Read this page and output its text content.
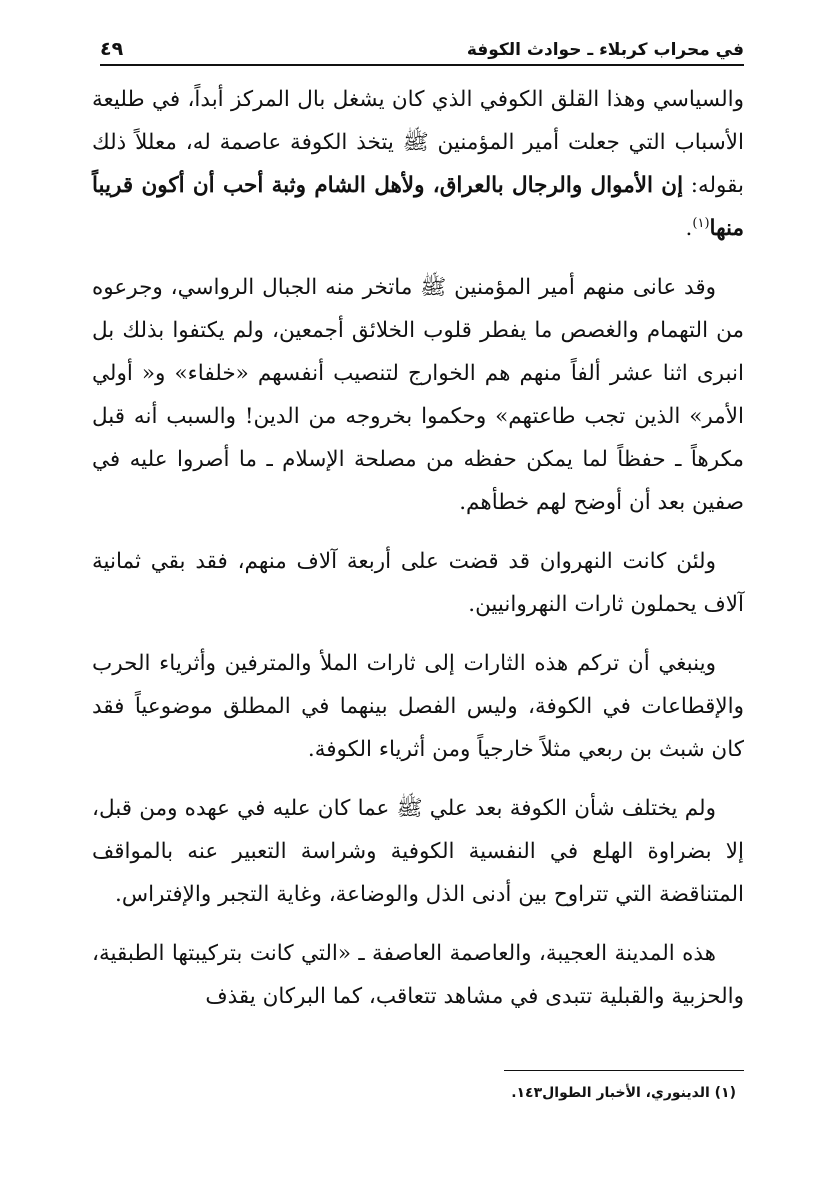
في محراب كربلاء ـ حوادث الكوفة
٤٩

والسياسي وهذا القلق الكوفي الذي كان يشغل بال المركز أبداً، في طليعة الأسباب التي جعلت أمير المؤمنين ﷺ يتخذ الكوفة عاصمة له، معللاً ذلك بقوله: إن الأموال والرجال بالعراق، ولأهل الشام وثبة أحب أن أكون قريباً منها$^{(١)}$.

وقد عانى منهم أمير المؤمنين ﷺ ماتخر منه الجبال الرواسي، وجرعوه من التهمام والغصص ما يفطر قلوب الخلائق أجمعين، ولم يكتفوا بذلك بل انبرى اثنا عشر ألفاً منهم هم الخوارج لتنصيب أنفسهم «خلفاء» و« أولي الأمر» الذين تجب طاعتهم» وحكموا بخروجه من الدين! والسبب أنه قبل مكرهاً ـ حفظاً لما يمكن حفظه من مصلحة الإسلام ـ ما أصروا عليه في صفين بعد أن أوضح لهم خطأهم.

ولئن كانت النهروان قد قضت على أربعة آلاف منهم، فقد بقي ثمانية آلاف يحملون ثارات النهروانيين.

وينبغي أن تركم هذه الثارات إلى ثارات الملأ والمترفين وأثرياء الحرب والإقطاعات في الكوفة، وليس الفصل بينهما في المطلق موضوعياً فقد كان شبث بن ربعي مثلاً خارجياً ومن أثرياء الكوفة.

ولم يختلف شأن الكوفة بعد علي ﷺ عما كان عليه في عهده ومن قبل، إلا بضراوة الهلع في النفسية الكوفية وشراسة التعبير عنه بالمواقف المتناقضة التي تتراوح بين أدنى الذل والوضاعة، وغاية التجبر والإفتراس.

هذه المدينة العجيبة، والعاصمة العاصفة ـ «التي كانت بتركيبتها الطبقية، والحزبية والقبلية تتبدى في مشاهد تتعاقب، كما البركان يقذف

(١) الدينوري، الأخبار الطوال١٤٣.
